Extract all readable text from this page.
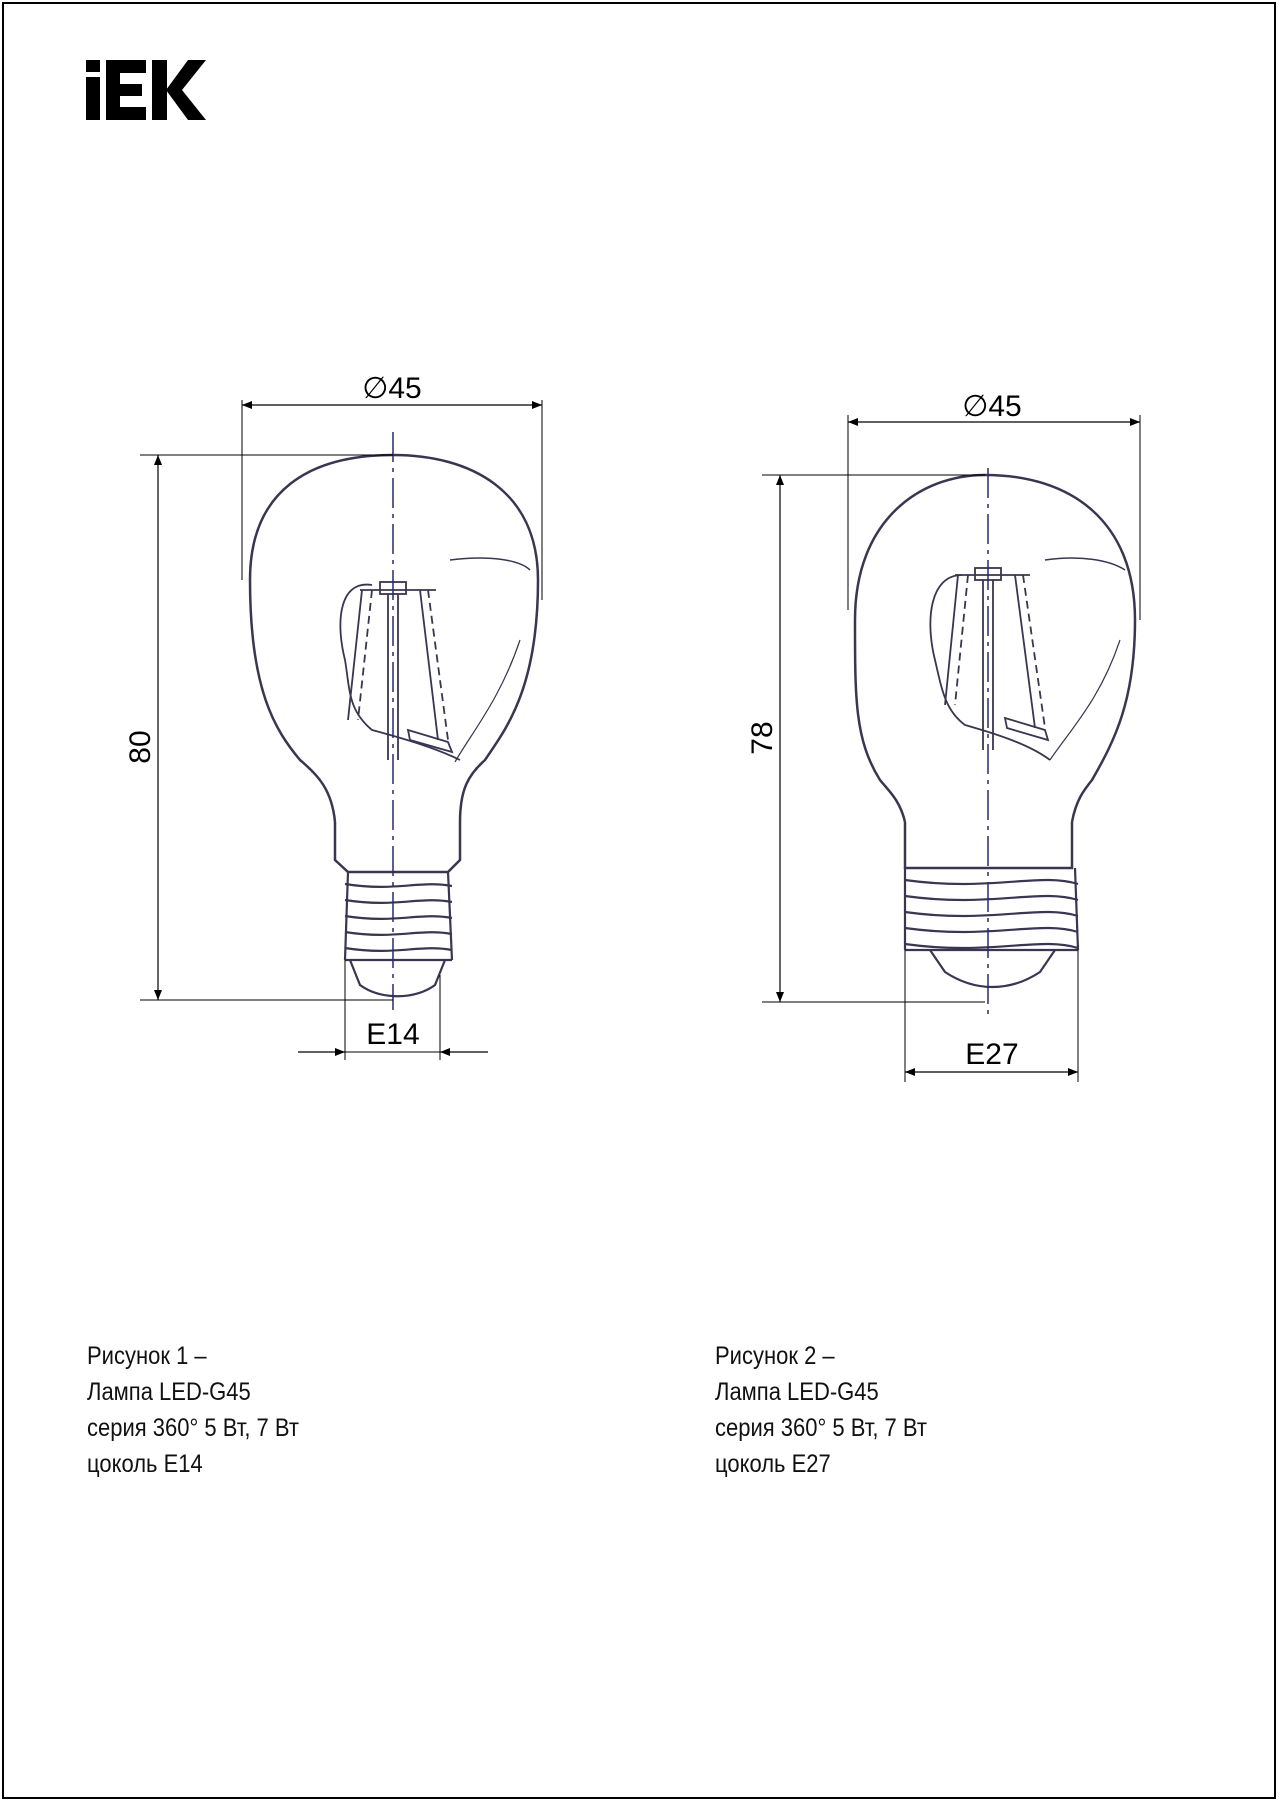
∅45
80
E14
∅45
78
E27
Рисунок 1 –
Лампа LED-G45
серия 360° 5 Вт, 7 Вт
цоколь E14
Рисунок 2 –
Лампа LED-G45
серия 360° 5 Вт, 7 Вт
цоколь E27
